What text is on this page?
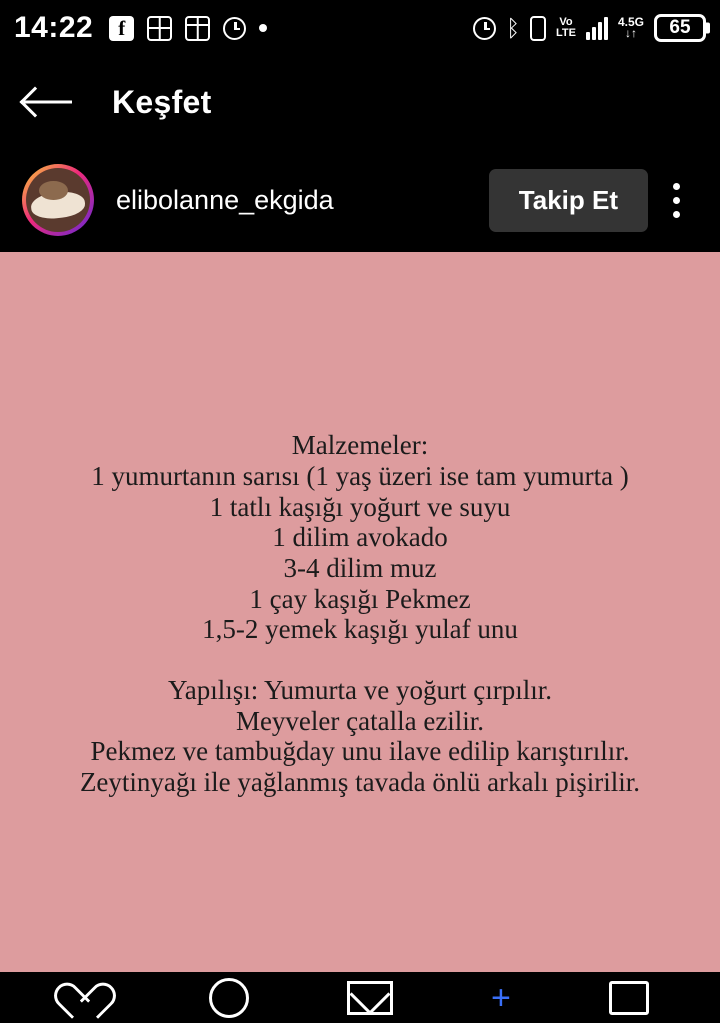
14:22	f	ᛒ	Vo
LTE
4.5G
↓↑	65
Keşfet
elibolanne_ekgida	Takip Et

Malzemeler:

1 yumurtanın sarısı (1 yaş üzeri ise tam yumurta )

1 tatlı kaşığı yoğurt ve suyu

1 dilim avokado

3-4 dilim muz

1 çay kaşığı Pekmez

1,5-2 yemek kaşığı yulaf unu

Yapılışı: Yumurta ve yoğurt çırpılır.

Meyveler çatalla ezilir.

Pekmez ve tambuğday unu ilave edilip karıştırılır.

Zeytinyağı ile yağlanmış tavada önlü arkalı pişirilir.

+
